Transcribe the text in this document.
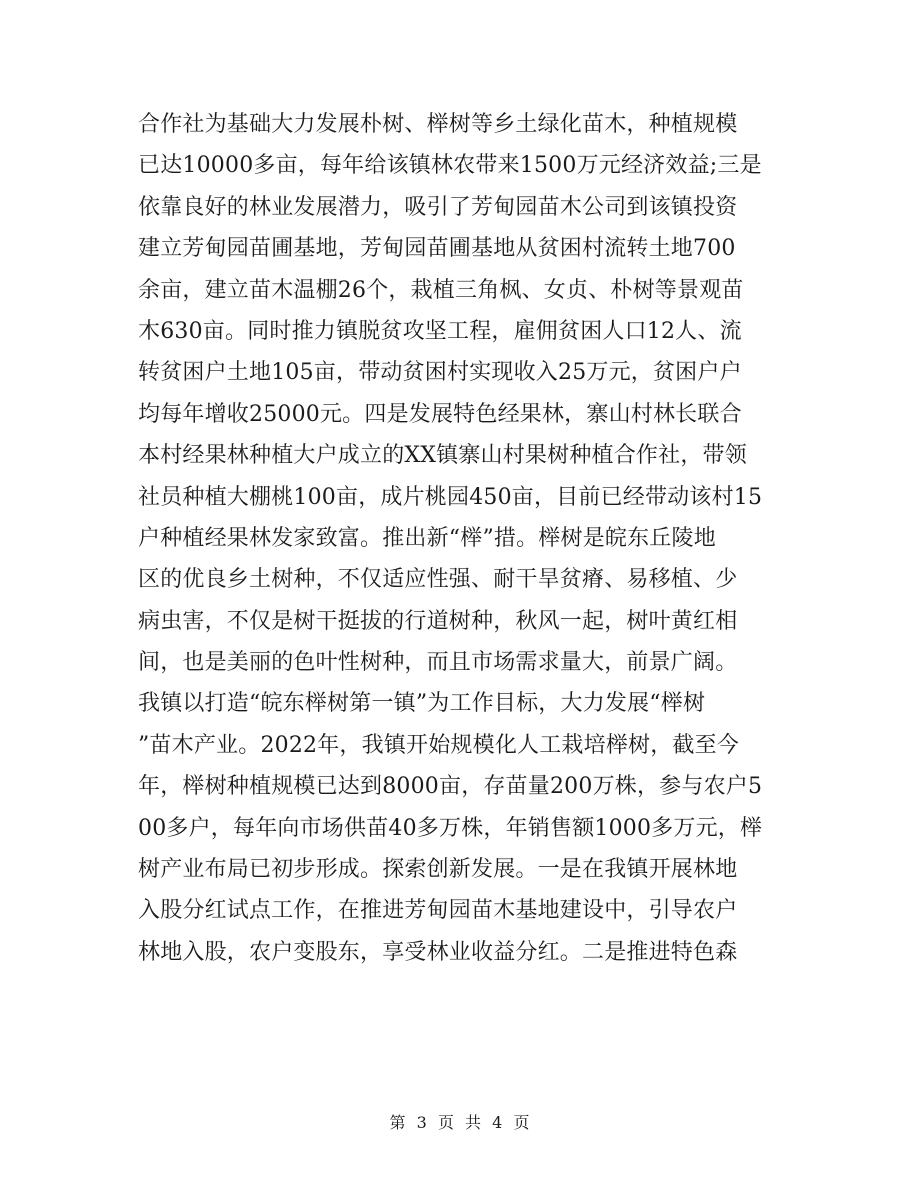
合作社为基础大力发展朴树、榉树等乡土绿化苗木，种植规模
已达10000多亩，每年给该镇林农带来1500万元经济效益;三是
依靠良好的林业发展潜力，吸引了芳甸园苗木公司到该镇投资
建立芳甸园苗圃基地，芳甸园苗圃基地从贫困村流转土地700
余亩，建立苗木温棚26个，栽植三角枫、女贞、朴树等景观苗
木630亩。同时推力镇脱贫攻坚工程，雇佣贫困人口12人、流
转贫困户土地105亩，带动贫困村实现收入25万元，贫困户户
均每年增收25000元。四是发展特色经果林，寨山村林长联合
本村经果林种植大户成立的XX镇寨山村果树种植合作社，带领
社员种植大棚桃100亩，成片桃园450亩，目前已经带动该村15
户种植经果林发家致富。推出新“榉”措。榉树是皖东丘陵地
区的优良乡土树种，不仅适应性强、耐干旱贫瘠、易移植、少
病虫害，不仅是树干挺拔的行道树种，秋风一起，树叶黄红相
间，也是美丽的色叶性树种，而且市场需求量大，前景广阔。
我镇以打造“皖东榉树第一镇”为工作目标，大力发展“榉树
”苗木产业。2022年，我镇开始规模化人工栽培榉树，截至今
年，榉树种植规模已达到8000亩，存苗量200万株，参与农户5
00多户，每年向市场供苗40多万株，年销售额1000多万元，榉
树产业布局已初步形成。探索创新发展。一是在我镇开展林地
入股分红试点工作，在推进芳甸园苗木基地建设中，引导农户
林地入股，农户变股东，享受林业收益分红。二是推进特色森
第 3 页 共 4 页
